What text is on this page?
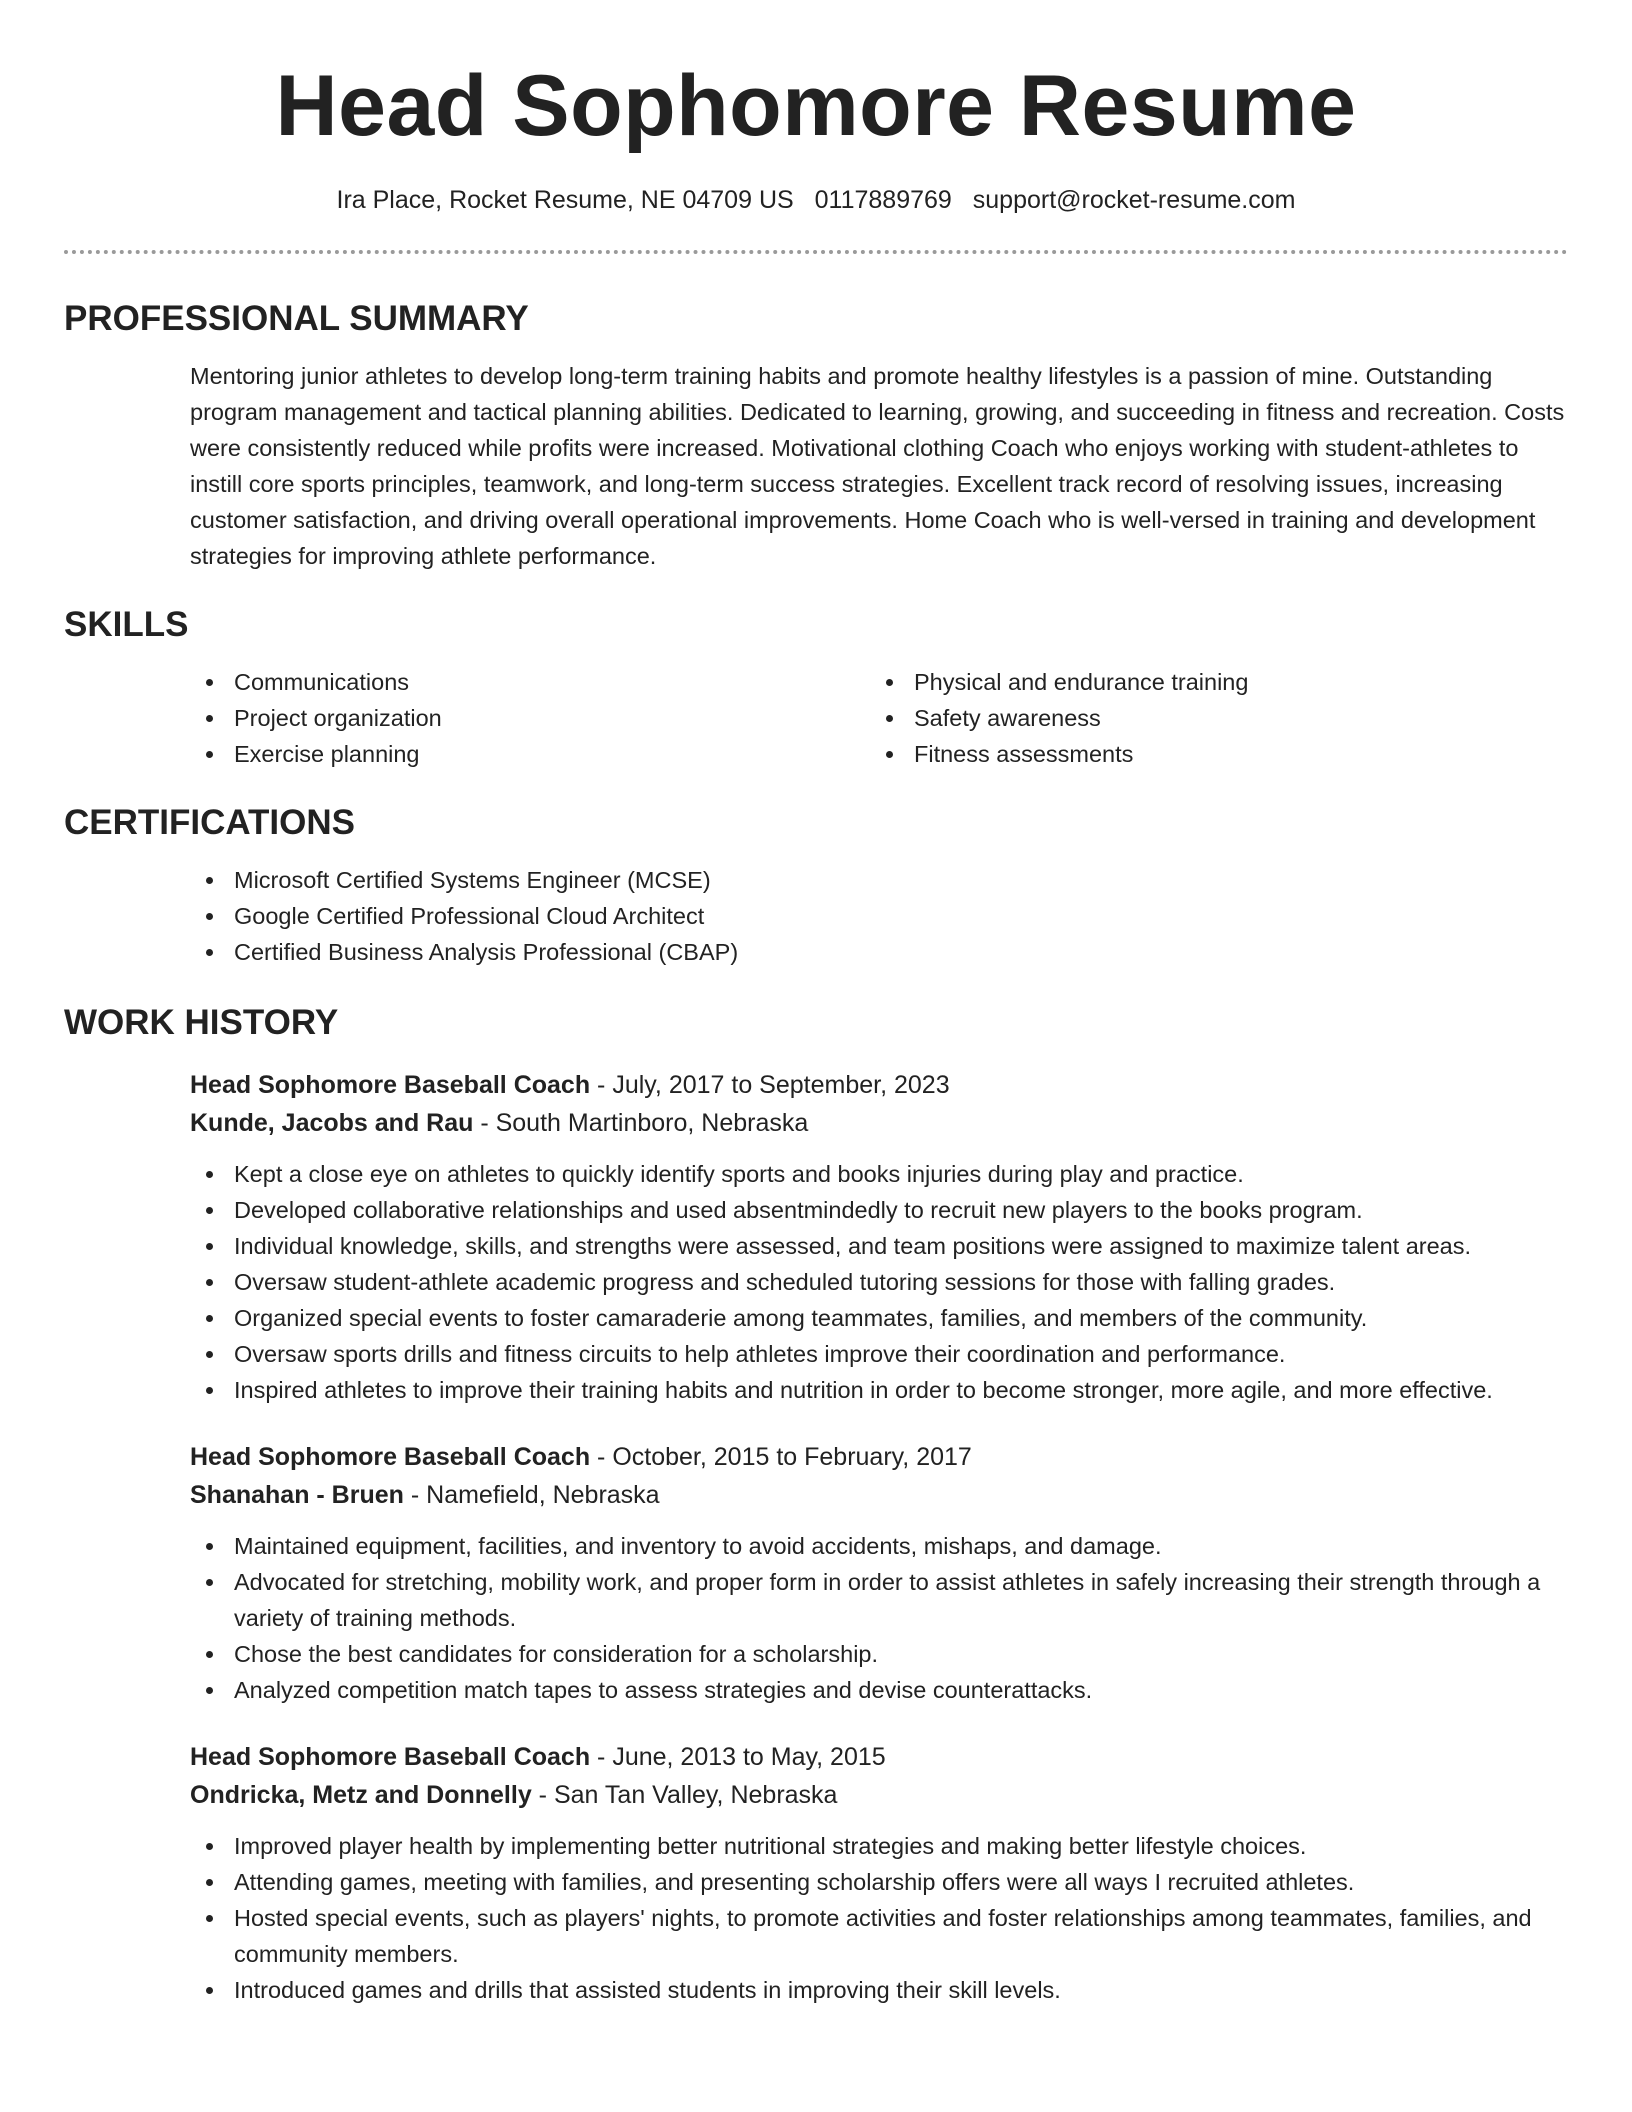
Head Sophomore Resume
Ira Place, Rocket Resume, NE 04709 US 0117889769 support@rocket-resume.com
PROFESSIONAL SUMMARY
Mentoring junior athletes to develop long-term training habits and promote healthy lifestyles is a passion of mine. Outstanding program management and tactical planning abilities. Dedicated to learning, growing, and succeeding in fitness and recreation. Costs were consistently reduced while profits were increased. Motivational clothing Coach who enjoys working with student-athletes to instill core sports principles, teamwork, and long-term success strategies. Excellent track record of resolving issues, increasing customer satisfaction, and driving overall operational improvements. Home Coach who is well-versed in training and development strategies for improving athlete performance.
SKILLS
Communications
Project organization
Exercise planning
Physical and endurance training
Safety awareness
Fitness assessments
CERTIFICATIONS
Microsoft Certified Systems Engineer (MCSE)
Google Certified Professional Cloud Architect
Certified Business Analysis Professional (CBAP)
WORK HISTORY
Head Sophomore Baseball Coach - July, 2017 to September, 2023
Kunde, Jacobs and Rau - South Martinboro, Nebraska
Kept a close eye on athletes to quickly identify sports and books injuries during play and practice.
Developed collaborative relationships and used absentmindedly to recruit new players to the books program.
Individual knowledge, skills, and strengths were assessed, and team positions were assigned to maximize talent areas.
Oversaw student-athlete academic progress and scheduled tutoring sessions for those with falling grades.
Organized special events to foster camaraderie among teammates, families, and members of the community.
Oversaw sports drills and fitness circuits to help athletes improve their coordination and performance.
Inspired athletes to improve their training habits and nutrition in order to become stronger, more agile, and more effective.
Head Sophomore Baseball Coach - October, 2015 to February, 2017
Shanahan - Bruen - Namefield, Nebraska
Maintained equipment, facilities, and inventory to avoid accidents, mishaps, and damage.
Advocated for stretching, mobility work, and proper form in order to assist athletes in safely increasing their strength through a variety of training methods.
Chose the best candidates for consideration for a scholarship.
Analyzed competition match tapes to assess strategies and devise counterattacks.
Head Sophomore Baseball Coach - June, 2013 to May, 2015
Ondricka, Metz and Donnelly - San Tan Valley, Nebraska
Improved player health by implementing better nutritional strategies and making better lifestyle choices.
Attending games, meeting with families, and presenting scholarship offers were all ways I recruited athletes.
Hosted special events, such as players' nights, to promote activities and foster relationships among teammates, families, and community members.
Introduced games and drills that assisted students in improving their skill levels.
